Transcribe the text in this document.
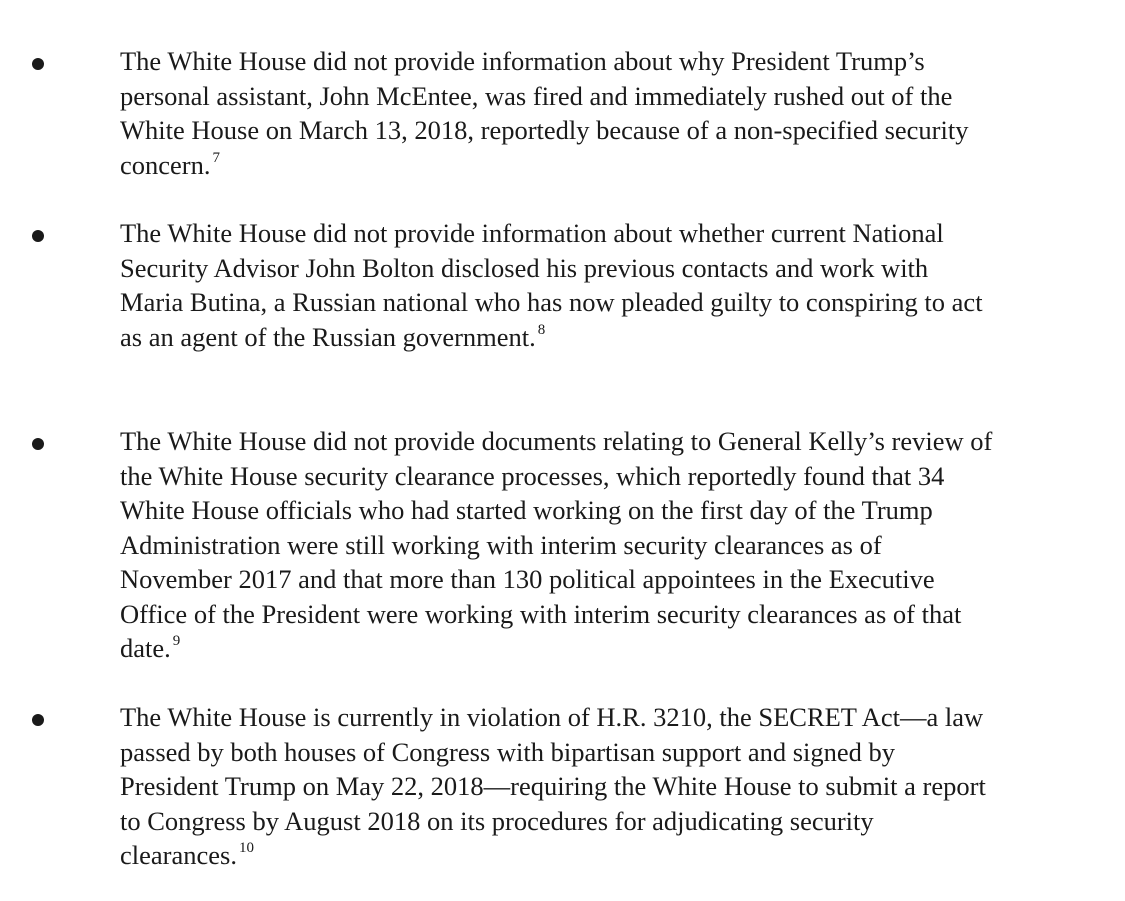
The White House did not provide information about why President Trump’s
personal assistant, John McEntee, was fired and immediately rushed out of the
White House on March 13, 2018, reportedly because of a non-specified security
concern. $^7$

The White House did not provide information about whether current National
Security Advisor John Bolton disclosed his previous contacts and work with
Maria Butina, a Russian national who has now pleaded guilty to conspiring to act
as an agent of the Russian government. $^8$

The White House did not provide documents relating to General Kelly’s review of
the White House security clearance processes, which reportedly found that 34
White House officials who had started working on the first day of the Trump
Administration were still working with interim security clearances as of
November 2017 and that more than 130 political appointees in the Executive
Office of the President were working with interim security clearances as of that
date. $^9$

The White House is currently in violation of H.R. 3210, the SECRET Act—a law
passed by both houses of Congress with bipartisan support and signed by
President Trump on May 22, 2018—requiring the White House to submit a report
to Congress by August 2018 on its procedures for adjudicating security
clearances. $^{10}$
